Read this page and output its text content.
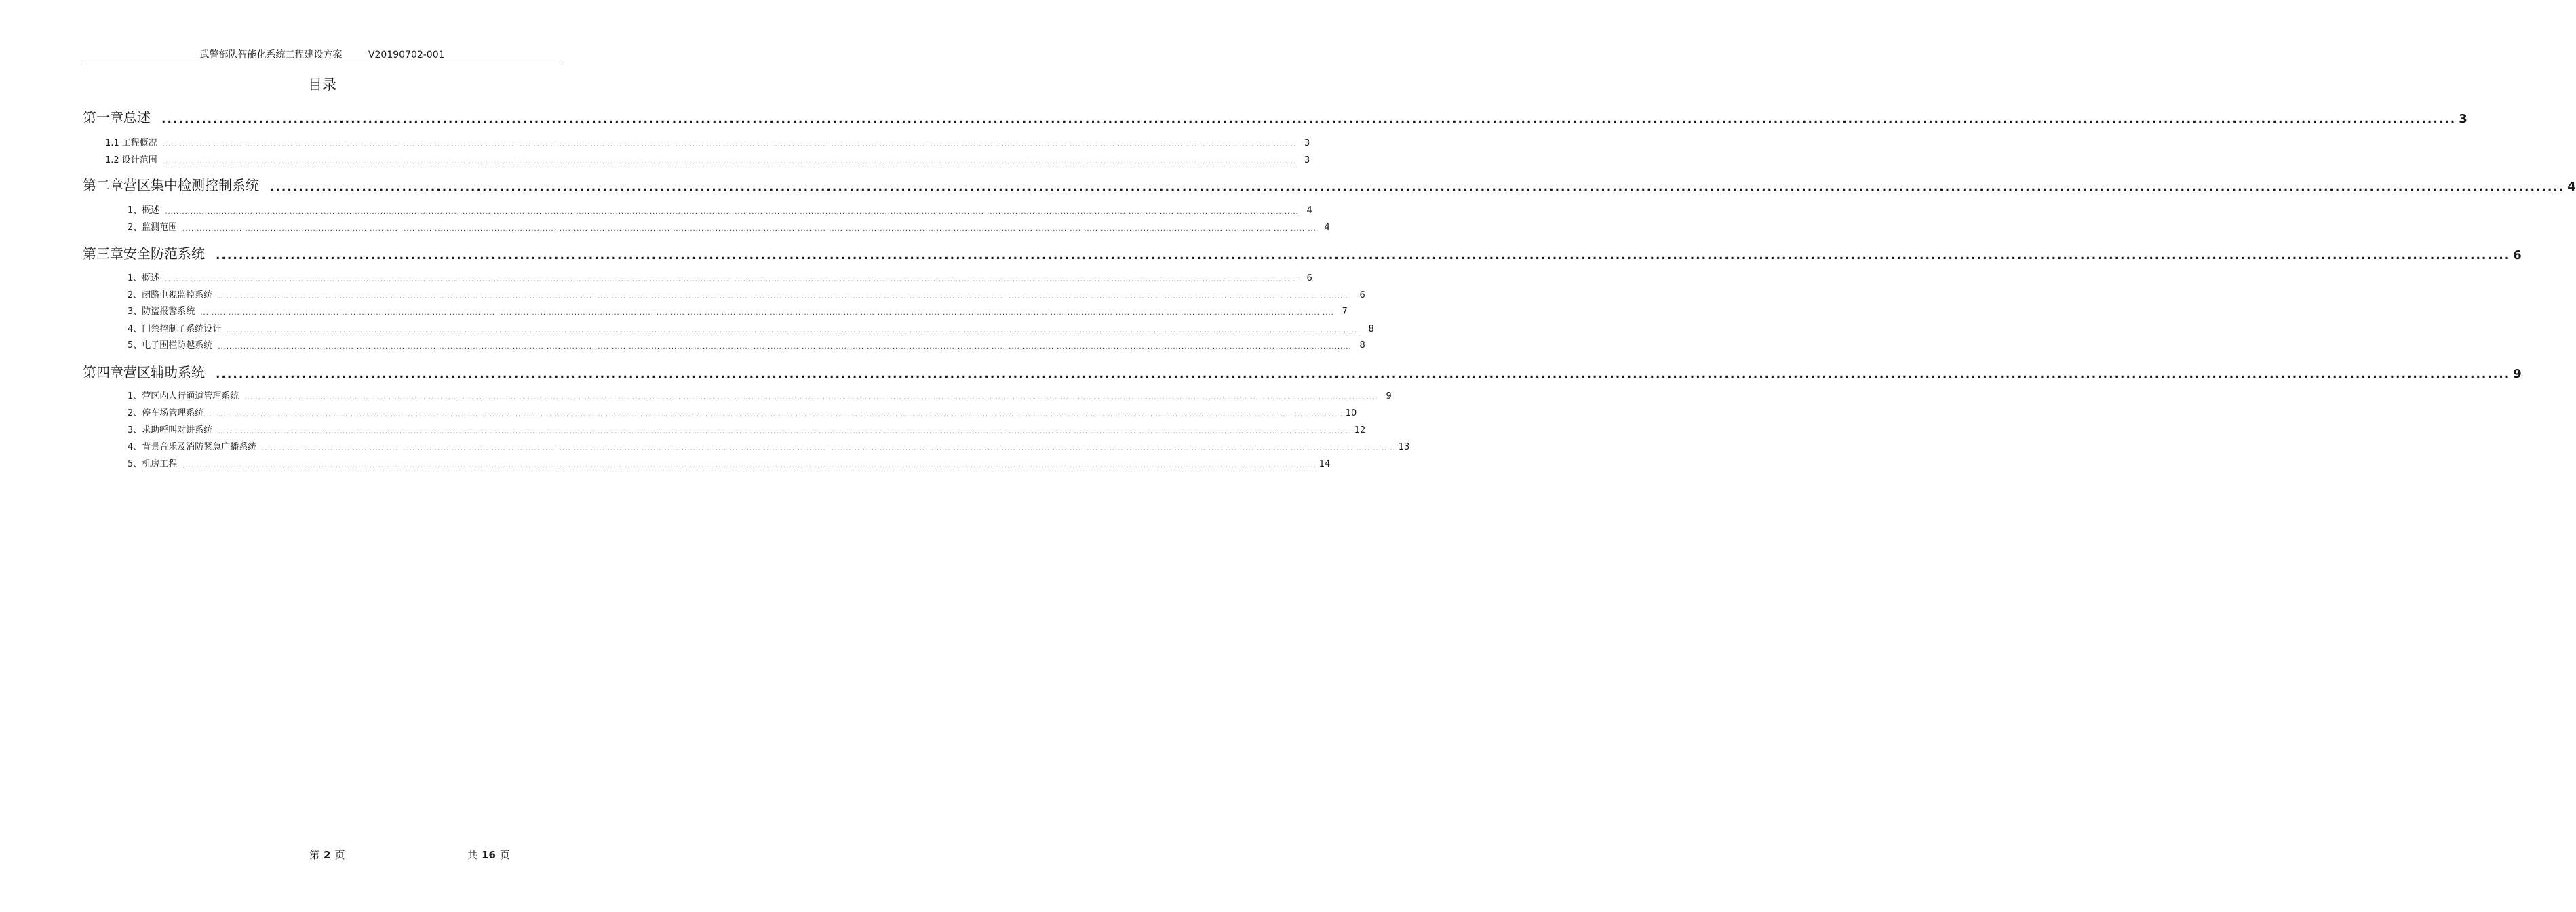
武警部队智能化系统工程建设方案	V20190702-001
目录
第一章总述 ................................................................................................................................................................................................................................................................................................................................................................................................................ 3
1.1 工程概况 ................................................................................................................................................................................................................................................................................................................................................................................................................ 3
1.2 设计范围 ................................................................................................................................................................................................................................................................................................................................................................................................................ 3
第二章营区集中检测控制系统 ................................................................................................................................................................................................................................................................................................................................................................................................................ 4
1、概述 ................................................................................................................................................................................................................................................................................................................................................................................................................ 4
2、监测范围 ................................................................................................................................................................................................................................................................................................................................................................................................................ 4
第三章安全防范系统 ................................................................................................................................................................................................................................................................................................................................................................................................................ 6
1、概述 ................................................................................................................................................................................................................................................................................................................................................................................................................ 6
2、闭路电视监控系统 ................................................................................................................................................................................................................................................................................................................................................................................................................ 6
3、防盗报警系统 ................................................................................................................................................................................................................................................................................................................................................................................................................ 7
4、门禁控制子系统设计 ................................................................................................................................................................................................................................................................................................................................................................................................................ 8
5、电子围栏防越系统 ................................................................................................................................................................................................................................................................................................................................................................................................................ 8
第四章营区辅助系统 ................................................................................................................................................................................................................................................................................................................................................................................................................ 9
1、营区内人行通道管理系统 ................................................................................................................................................................................................................................................................................................................................................................................................................ 9
2、停车场管理系统 ................................................................................................................................................................................................................................................................................................................................................................................................................ 10
3、求助呼叫对讲系统 ................................................................................................................................................................................................................................................................................................................................................................................................................ 12
4、背景音乐及消防紧急广播系统 ................................................................................................................................................................................................................................................................................................................................................................................................................ 13
5、机房工程 ................................................................................................................................................................................................................................................................................................................................................................................................................ 14
第 2 页	共 16 页
